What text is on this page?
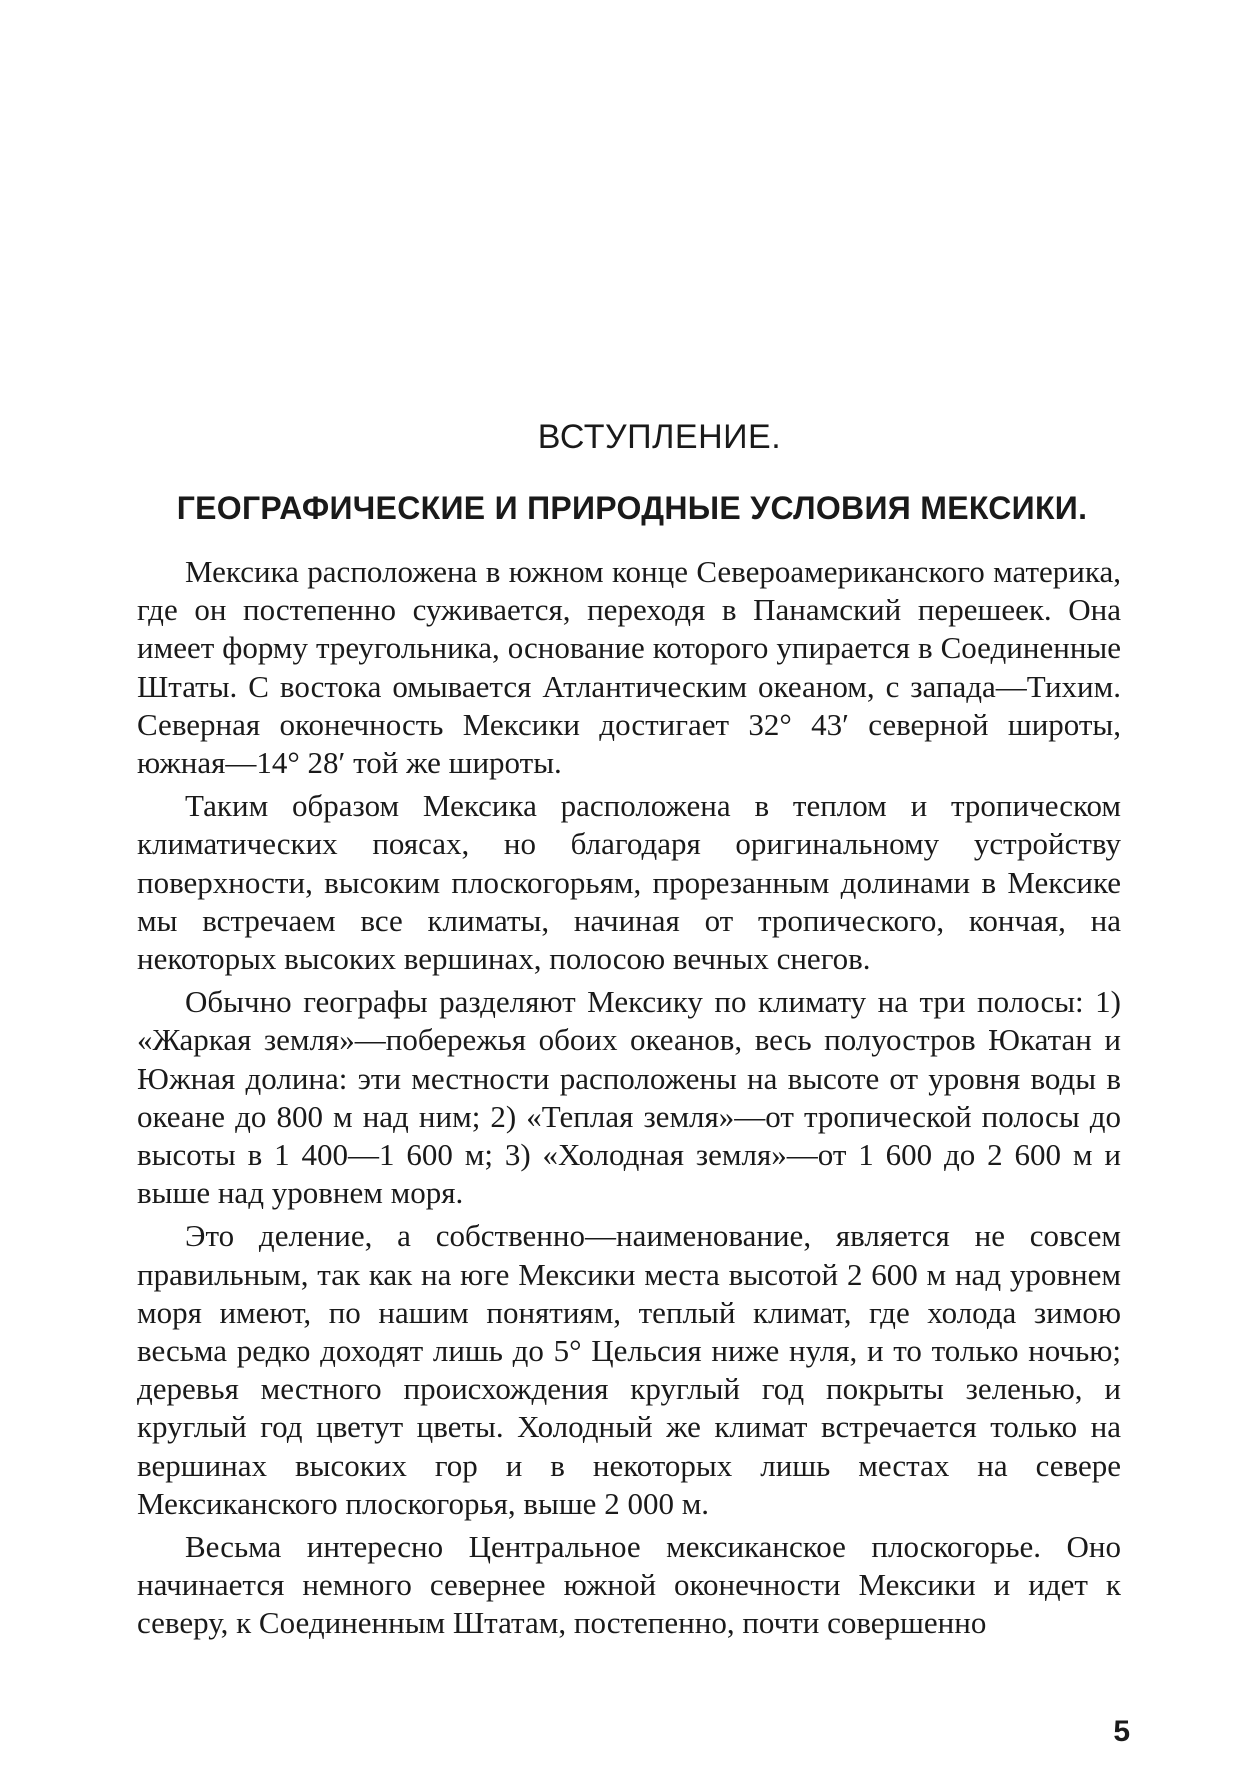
ВСТУПЛЕНИЕ.
ГЕОГРАФИЧЕСКИЕ И ПРИРОДНЫЕ УСЛОВИЯ МЕКСИКИ.

Мексика расположена в южном конце Североамериканского материка, где он постепенно суживается, переходя в Панамский перешеек. Она имеет форму треугольника, основание которого упирается в Соединенные Штаты. С востока омывается Атлантическим океаном, с запада—Тихим. Северная оконечность Мексики достигает 32° 43′ северной широты, южная—14° 28′ той же широты.

Таким образом Мексика расположена в теплом и тропическом климатических поясах, но благодаря оригинальному устройству поверхности, высоким плоскогорьям, прорезанным долинами в Мексике мы встречаем все климаты, начиная от тропического, кончая, на некоторых высоких вершинах, полосою вечных снегов.

Обычно географы разделяют Мексику по климату на три полосы: 1) «Жаркая земля»—побережья обоих океанов, весь полуостров Юкатан и Южная долина: эти местности расположены на высоте от уровня воды в океане до 800 м над ним; 2) «Теплая земля»—от тропической полосы до высоты в 1 400—1 600 м; 3) «Холодная земля»—от 1 600 до 2 600 м и выше над уровнем моря.

Это деление, а собственно—наименование, является не совсем правильным, так как на юге Мексики места высотой 2 600 м над уровнем моря имеют, по нашим понятиям, теплый климат, где холода зимою весьма редко доходят лишь до 5° Цельсия ниже нуля, и то только ночью; деревья местного происхождения круглый год покрыты зеленью, и круглый год цветут цветы. Холодный же климат встречается только на вершинах высоких гор и в некоторых лишь местах на севере Мексиканского плоскогорья, выше 2 000 м.

Весьма интересно Центральное мексиканское плоскогорье. Оно начинается немного севернее южной оконечности Мексики и идет к северу, к Соединенным Штатам, постепенно, почти совершенно

5
